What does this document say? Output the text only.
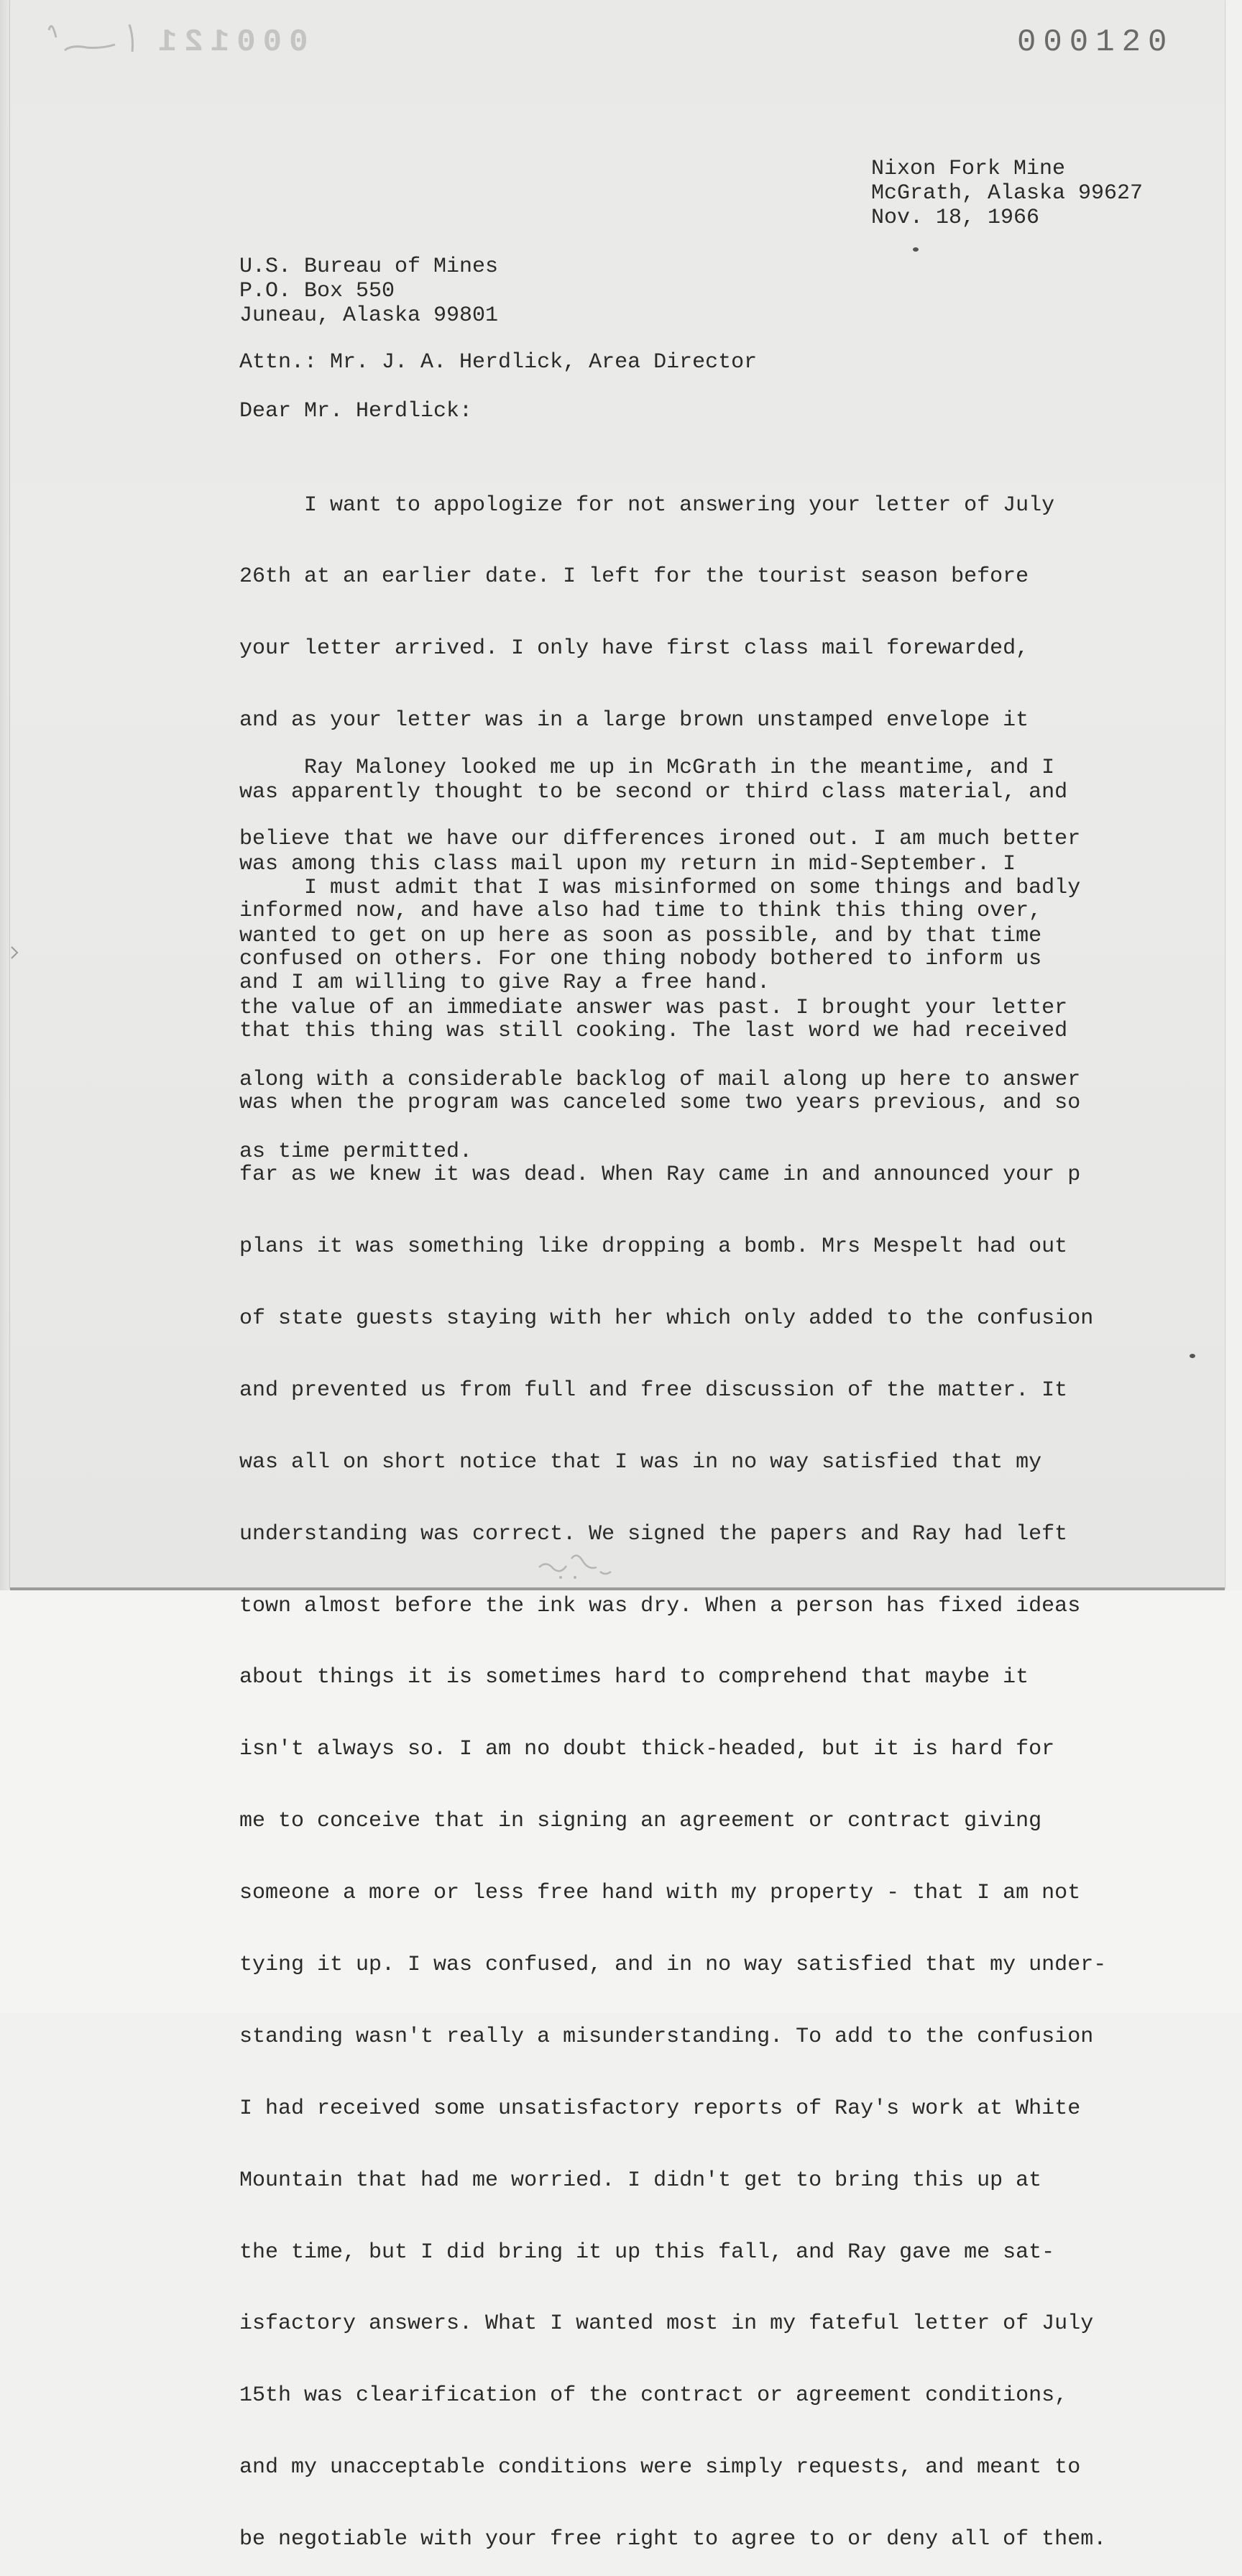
000121	000120
Nixon Fork Mine
McGrath, Alaska 99627
Nov. 18, 1966
U.S. Bureau of Mines
P.O. Box 550
Juneau, Alaska 99801
Attn.: Mr. J. A. Herdlick, Area Director
Dear Mr. Herdlick:

I want to appologize for not answering your letter of July

26th at an earlier date. I left for the tourist season before

your letter arrived. I only have first class mail forewarded,

and as your letter was in a large brown unstamped envelope it

was apparently thought to be second or third class material, and

was among this class mail upon my return in mid-September. I

wanted to get on up here as soon as possible, and by that time

the value of an immediate answer was past. I brought your letter

along with a considerable backlog of mail along up here to answer

as time permitted.

Ray Maloney looked me up in McGrath in the meantime, and I

believe that we have our differences ironed out. I am much better

informed now, and have also had time to think this thing over,

and I am willing to give Ray a free hand.

I must admit that I was misinformed on some things and badly

confused on others. For one thing nobody bothered to inform us

that this thing was still cooking. The last word we had received

was when the program was canceled some two years previous, and so

far as we knew it was dead. When Ray came in and announced your p

plans it was something like dropping a bomb. Mrs Mespelt had out

of state guests staying with her which only added to the confusion

and prevented us from full and free discussion of the matter. It

was all on short notice that I was in no way satisfied that my

understanding was correct. We signed the papers and Ray had left

town almost before the ink was dry. When a person has fixed ideas

about things it is sometimes hard to comprehend that maybe it

isn't always so. I am no doubt thick-headed, but it is hard for

me to conceive that in signing an agreement or contract giving

someone a more or less free hand with my property - that I am not

tying it up. I was confused, and in no way satisfied that my under-

standing wasn't really a misunderstanding. To add to the confusion

I had received some unsatisfactory reports of Ray's work at White

Mountain that had me worried. I didn't get to bring this up at

the time, but I did bring it up this fall, and Ray gave me sat-

isfactory answers. What I wanted most in my fateful letter of July

15th was clearification of the contract or agreement conditions,

and my unacceptable conditions were simply requests, and meant to

be negotiable with your free right to agree to or deny all of them.
